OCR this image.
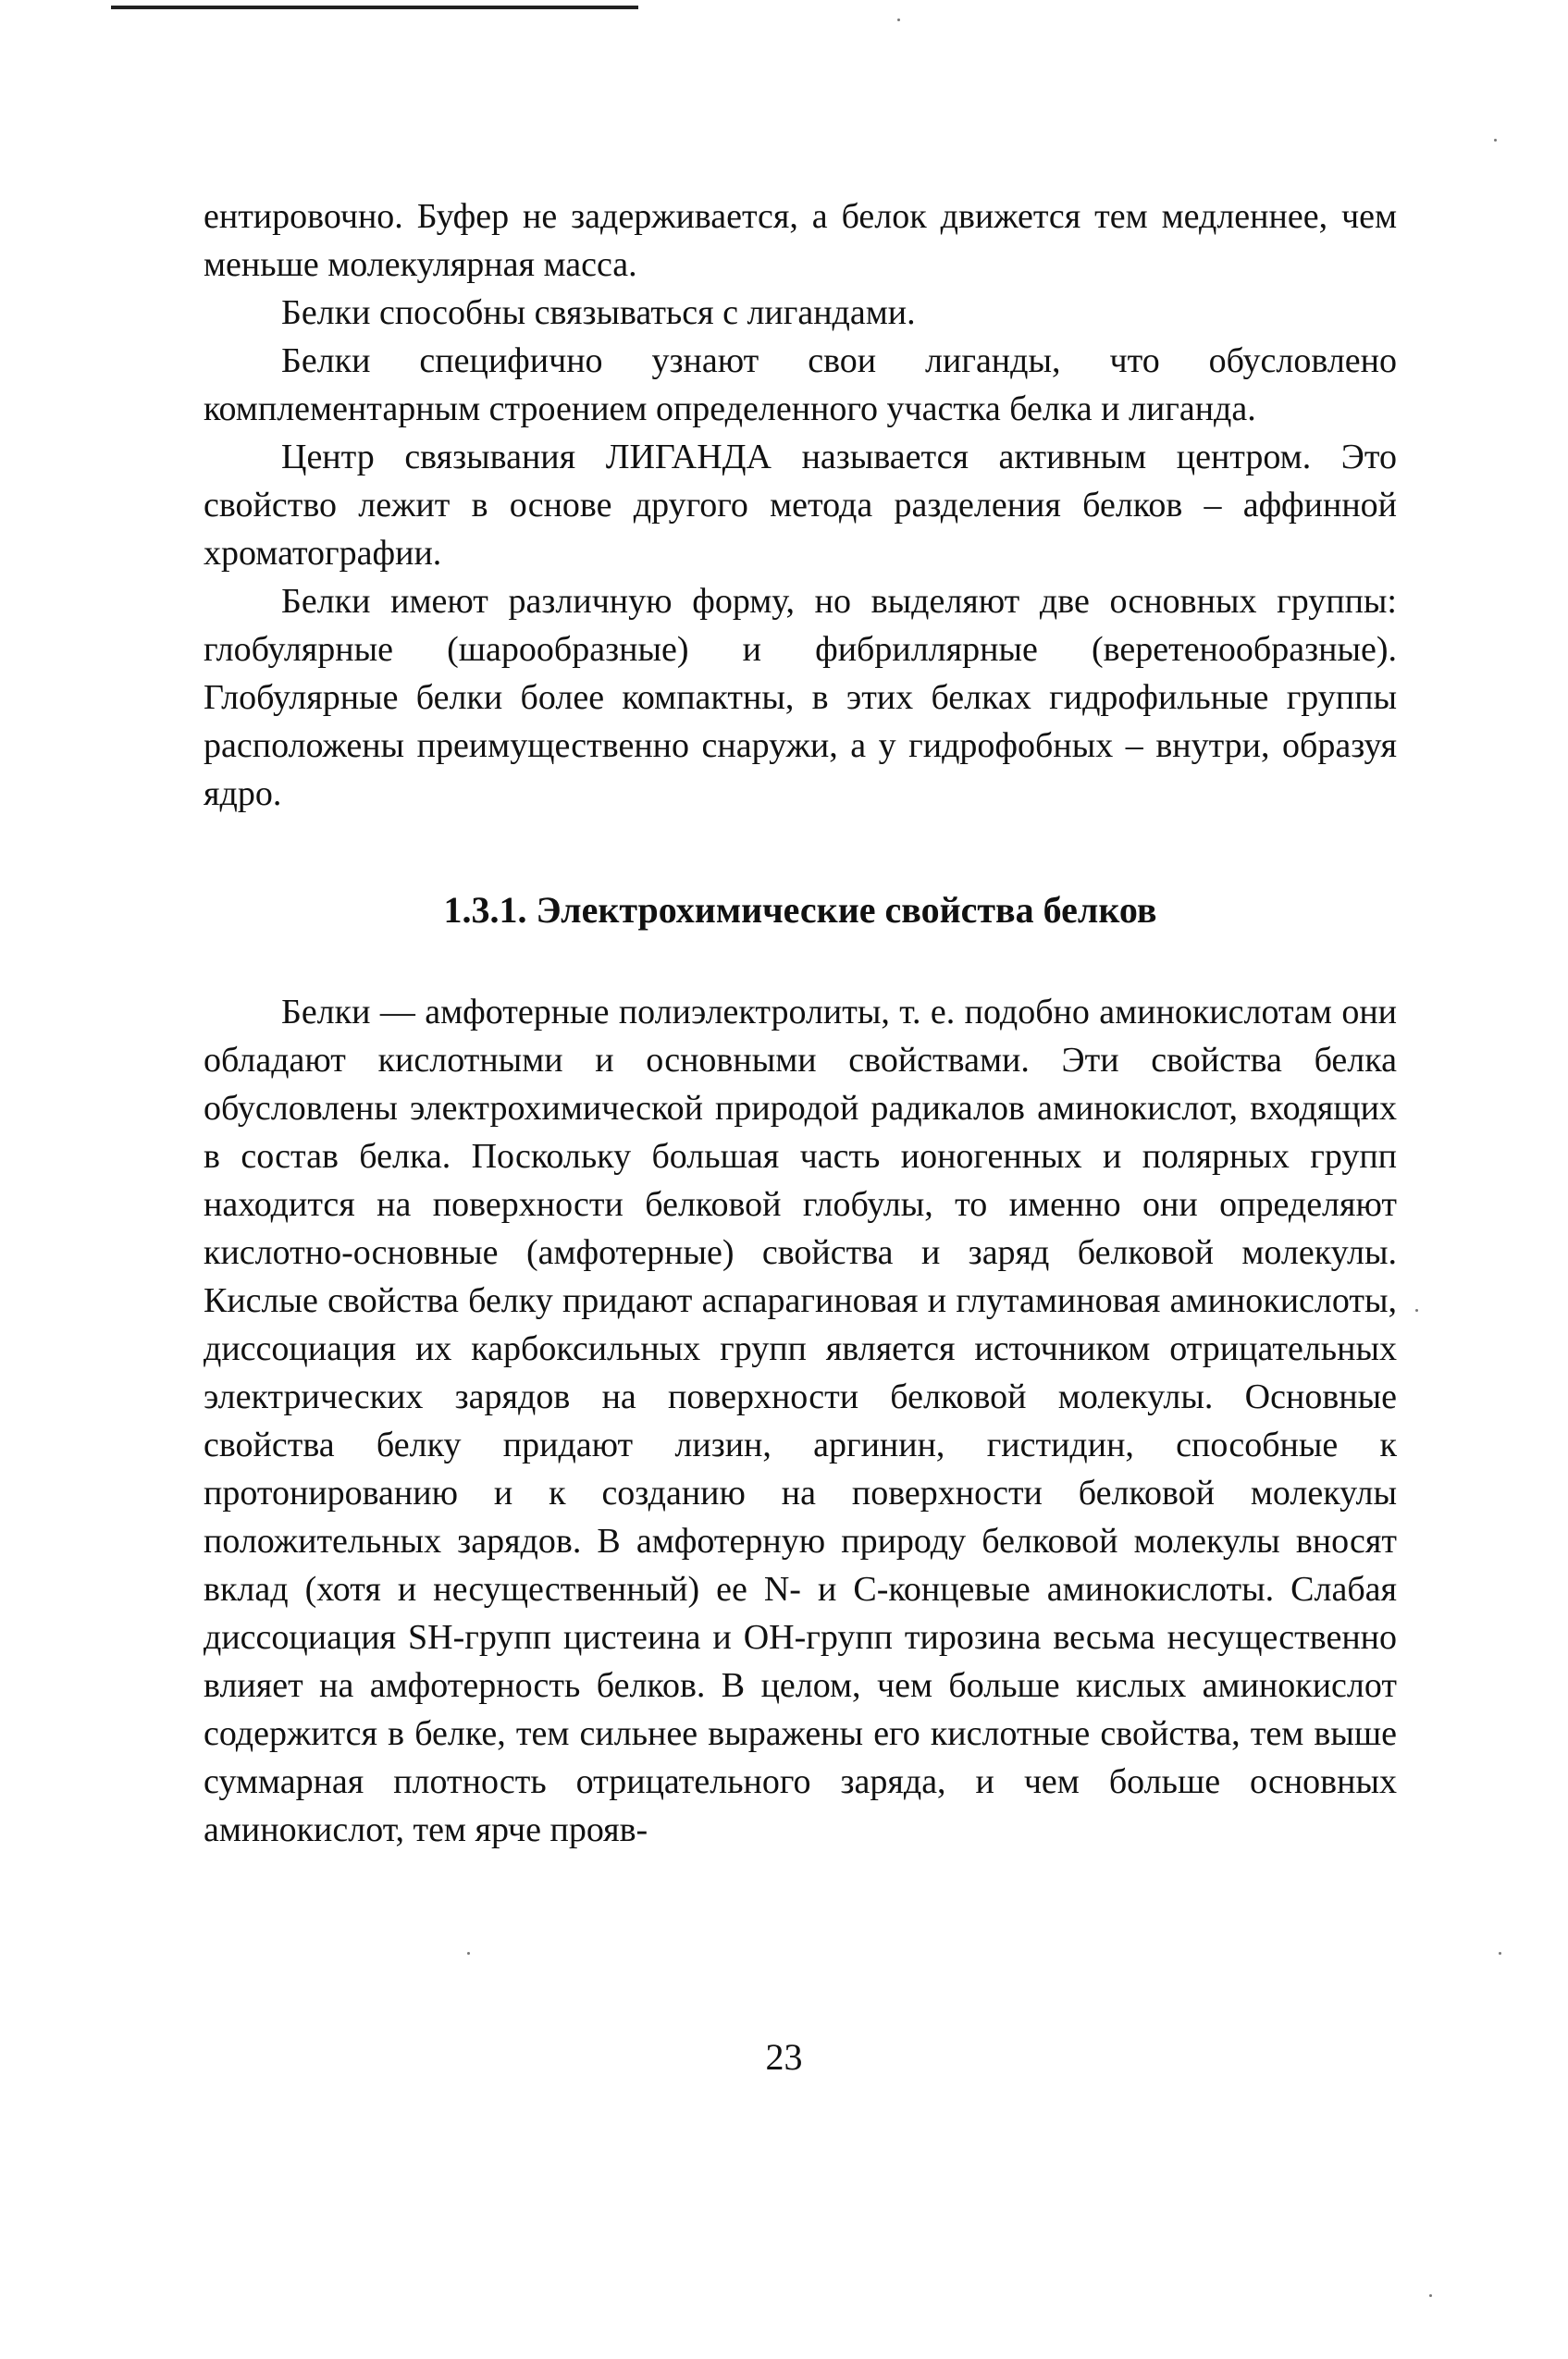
ентировочно. Буфер не задерживается, а белок движется тем медленнее, чем меньше молекулярная масса.

Белки способны связываться с лигандами.

Белки специфично узнают свои лиганды, что обусловлено комплементарным строением определенного участка белка и лиганда.

Центр связывания ЛИГАНДА называется активным центром. Это свойство лежит в основе другого метода разделения белков – аффинной хроматографии.

Белки имеют различную форму, но выделяют две основных группы: глобулярные (шарообразные) и фибриллярные (веретенообразные). Глобулярные белки более компактны, в этих белках гидрофильные группы расположены преимущественно снаружи, а у гидрофобных – внутри, образуя ядро.

1.3.1. Электрохимические свойства белков

Белки — амфотерные полиэлектролиты, т. е. подобно аминокислотам они обладают кислотными и основными свойствами. Эти свойства белка обусловлены электрохимической природой радикалов аминокислот, входящих в состав белка. Поскольку большая часть ионогенных и полярных групп находится на поверхности белковой глобулы, то именно они определяют кислотно-основные (амфотерные) свойства и заряд белковой молекулы. Кислые свойства белку придают аспарагиновая и глутаминовая аминокислоты, диссоциация их карбоксильных групп является источником отрицательных электрических зарядов на поверхности белковой молекулы. Основные свойства белку придают лизин, аргинин, гистидин, способные к протонированию и к созданию на поверхности белковой молекулы положительных зарядов. В амфотерную природу белковой молекулы вносят вклад (хотя и несущественный) ее N- и С-концевые аминокислоты. Слабая диссоциация SH-групп цистеина и ОН-групп тирозина весьма несущественно влияет на амфотерность белков. В целом, чем больше кислых аминокислот содержится в белке, тем сильнее выражены его кислотные свойства, тем выше суммарная плотность отрицательного заряда, и чем больше основных аминокислот, тем ярче прояв-

23
